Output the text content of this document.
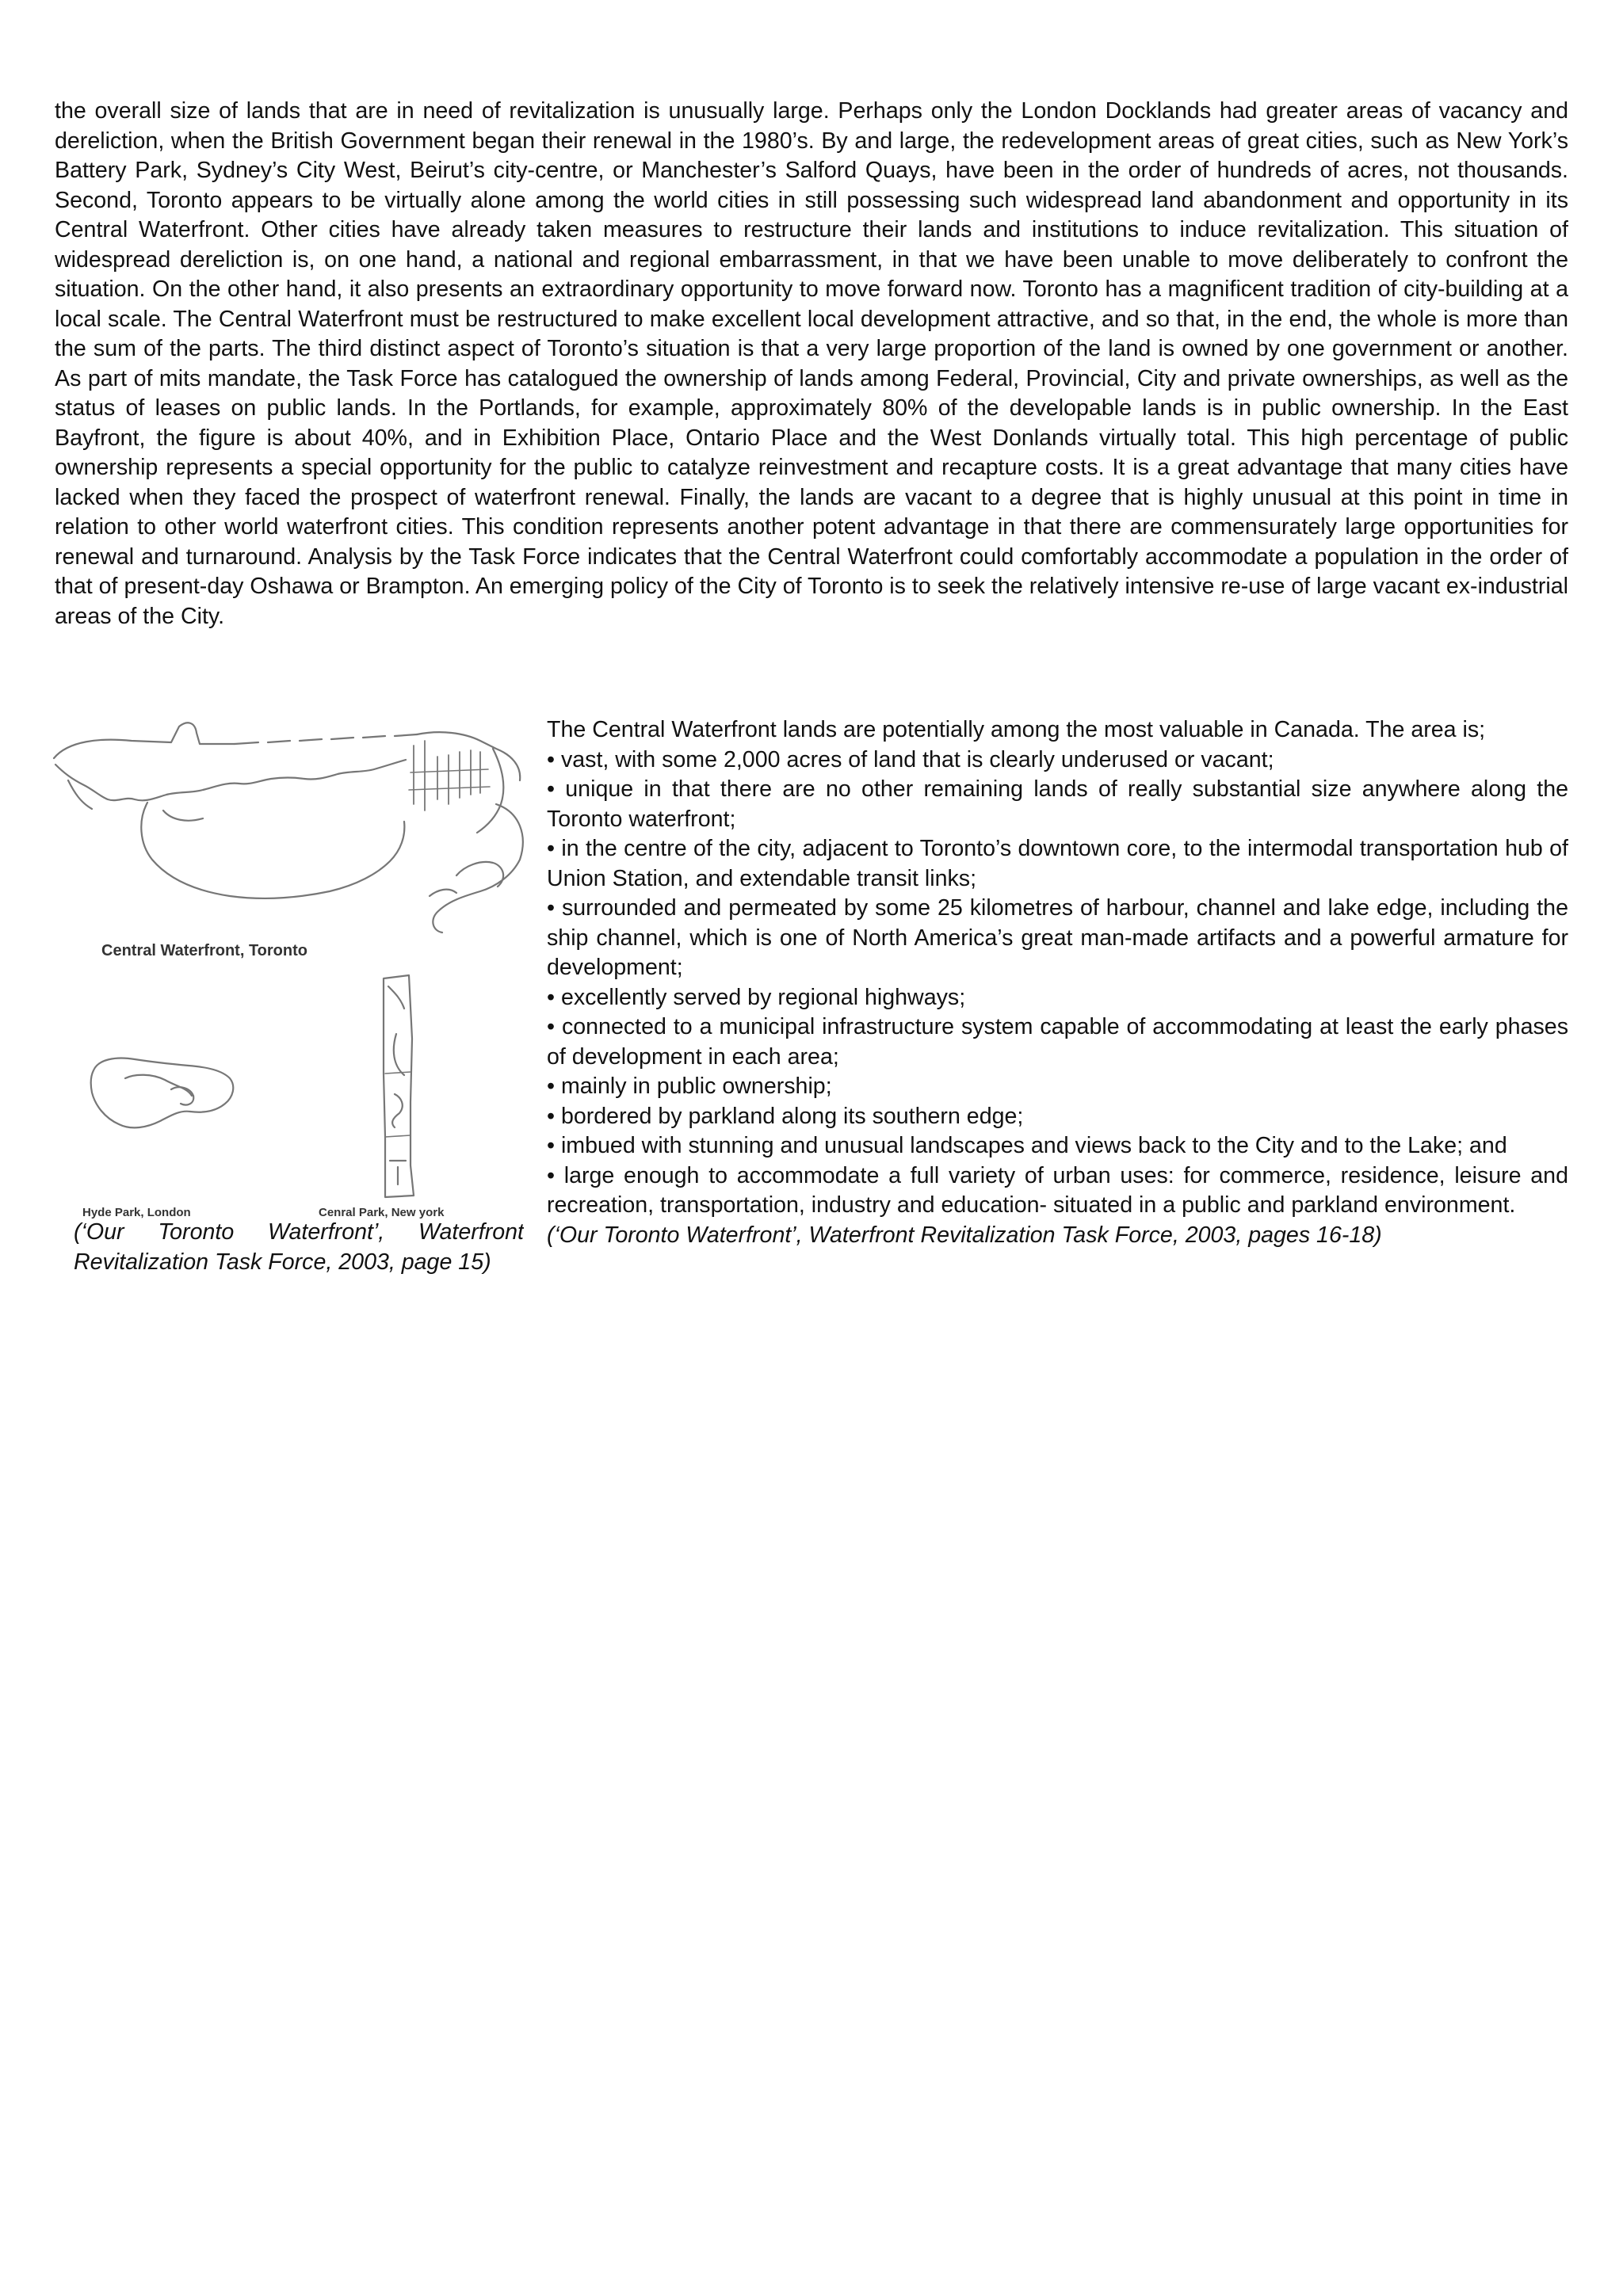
the overall size of lands that are in need of revitalization is unusually large. Perhaps only the London Docklands had greater areas of vacancy and dereliction, when the British Government began their renewal in the 1980’s. By and large, the redevelopment areas of great cities, such as New York’s Battery Park, Sydney’s City West, Beirut’s city-centre, or Manchester’s Salford Quays, have been in the order of hundreds of acres, not thousands. Second, Toronto appears to be virtually alone among the world cities in still possessing such widespread land abandonment and opportunity in its Central Waterfront. Other cities have already taken measures to restructure their lands and institutions to induce revitalization. This situation of widespread dereliction is, on one hand, a national and regional embarrassment, in that we have been unable to move deliberately to confront the situation. On the other hand, it also presents an extraordinary opportunity to move forward now. Toronto has a magnificent tradition of city-building at a local scale. The Central Waterfront must be restructured to make excellent local development attractive, and so that, in the end, the whole is more than the sum of the parts. The third distinct aspect of Toronto’s situation is that a very large proportion of the land is owned by one government or another. As part of mits mandate, the Task Force has catalogued the ownership of lands among Federal, Provincial, City and private ownerships, as well as the status of leases on public lands. In the Portlands, for example, approximately 80% of the developable lands is in public ownership. In the East Bayfront, the figure is about 40%, and in Exhibition Place, Ontario Place and the West Donlands virtually total. This high percentage of public ownership represents a special opportunity for the public to catalyze reinvestment and recapture costs. It is a great advantage that many cities have lacked when they faced the prospect of waterfront renewal. Finally, the lands are vacant to a degree that is highly unusual at this point in time in relation to other world waterfront cities. This condition represents another potent advantage in that there are commensurately large opportunities for renewal and turnaround. Analysis by the Task Force indicates that the Central Waterfront could comfortably accommodate a population in the order of that of present-day Oshawa or Brampton. An emerging policy of the City of Toronto is to seek the relatively intensive re-use of large vacant ex-industrial areas of the City.

Central Waterfront, Toronto
Hyde Park, London	Cenral Park, New york

(‘Our Toronto Waterfront’, Waterfront Revitalization Task Force, 2003, page 15)

The Central Waterfront lands are potentially among the most valuable in Canada. The area is;

• vast, with some 2,000 acres of land that is clearly underused or vacant;

• unique in that there are no other remaining lands of really substantial size anywhere along the Toronto waterfront;

• in the centre of the city, adjacent to Toronto’s downtown core, to the intermodal transportation hub of Union Station, and extendable transit links;

• surrounded and permeated by some 25 kilometres of harbour, channel and lake edge, including the ship channel, which is one of North America’s great man-made artifacts and a powerful armature for development;

• excellently served by regional highways;

• connected to a municipal infrastructure system capable of accommodating at least the early phases of development in each area;

• mainly in public ownership;

• bordered by parkland along its southern edge;

• imbued with stunning and unusual landscapes and views back to the City and to the Lake; and

• large enough to accommodate a full variety of urban uses: for commerce, residence, leisure and recreation, transportation, industry and education- situated in a public and parkland environment.

(‘Our Toronto Waterfront’, Waterfront Revitalization Task Force, 2003, pages 16-18)
